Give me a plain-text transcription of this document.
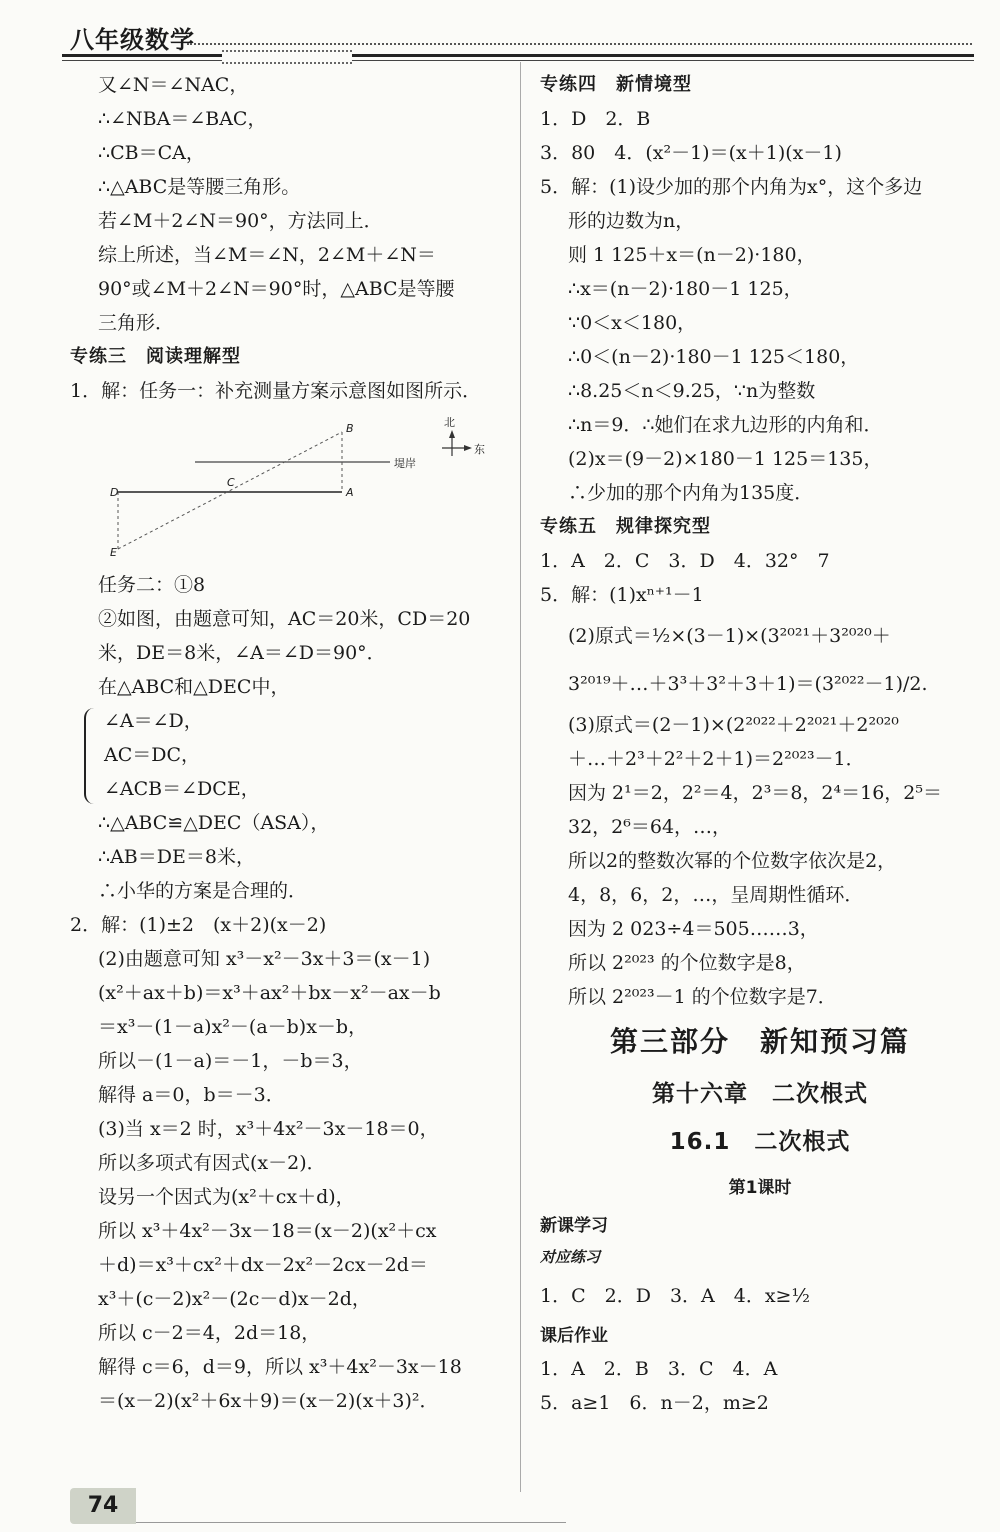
八年级数学
又∠N＝∠NAC，
∴∠NBA＝∠BAC，
∴CB＝CA，
∴△ABC是等腰三角形。
若∠M＋2∠N＝90°，方法同上．
综上所述，当∠M＝∠N，2∠M＋∠N＝
90°或∠M＋2∠N＝90°时，△ABC是等腰
三角形．
专练三　阅读理解型
1．解：任务一：补充测量方案示意图如图所示．
B
C
D	A
E
堤岸
北
东
任务二：①8
②如图，由题意可知，AC＝20米，CD＝20
米，DE＝8米，∠A＝∠D＝90°．
在△ABC和△DEC中，
∠A＝∠D，
AC＝DC，
∠ACB＝∠DCE，
∴△ABC≌△DEC（ASA），
∴AB＝DE＝8米，
∴小华的方案是合理的．
2．解：(1)±2　(x＋2)(x－2)
(2)由题意可知 x³－x²－3x＋3＝(x－1)
(x²＋ax＋b)＝x³＋ax²＋bx－x²－ax－b
＝x³－(1－a)x²－(a－b)x－b，
所以－(1－a)＝－1，－b＝3，
解得 a＝0，b＝－3．
(3)当 x＝2 时，x³＋4x²－3x－18＝0，
所以多项式有因式(x－2)．
设另一个因式为(x²＋cx＋d)，
所以 x³＋4x²－3x－18＝(x－2)(x²＋cx
＋d)＝x³＋cx²＋dx－2x²－2cx－2d＝
x³＋(c－2)x²－(2c－d)x－2d，
所以 c－2＝4，2d＝18，
解得 c＝6，d＝9，所以 x³＋4x²－3x－18
＝(x－2)(x²＋6x＋9)＝(x－2)(x＋3)²．
专练四　新情境型
1．D　2．B
3．80　4．(x²－1)＝(x＋1)(x－1)
5．解：(1)设少加的那个内角为x°，这个多边
形的边数为n，
则 1 125＋x＝(n－2)·180，
∴x＝(n－2)·180－1 125，
∵0＜x＜180，
∴0＜(n－2)·180－1 125＜180，
∴8.25＜n＜9.25，∵n为整数
∴n＝9．∴她们在求九边形的内角和．
(2)x＝(9－2)×180－1 125＝135，
∴少加的那个内角为135度．
专练五　规律探究型
1．A　2．C　3．D　4．32°　7
5．解：(1)xⁿ⁺¹－1
(2)原式＝½×(3－1)×(3²⁰²¹＋3²⁰²⁰＋
3²⁰¹⁹＋…＋3³＋3²＋3＋1)＝(3²⁰²²－1)/2.
(3)原式＝(2－1)×(2²⁰²²＋2²⁰²¹＋2²⁰²⁰
＋…＋2³＋2²＋2＋1)＝2²⁰²³－1．
因为 2¹＝2，2²＝4，2³＝8，2⁴＝16，2⁵＝
32，2⁶＝64，…，
所以2的整数次幂的个位数字依次是2，
4，8，6，2，…，呈周期性循环．
因为 2 023÷4＝505……3，
所以 2²⁰²³ 的个位数字是8，
所以 2²⁰²³－1 的个位数字是7．
第三部分　新知预习篇
第十六章　二次根式
16.1　二次根式
第1课时
新课学习
对应练习
1．C　2．D　3．A　4．x≥½
课后作业
1．A　2．B　3．C　4．A
5．a≥1　6．n－2，m≥2
74
